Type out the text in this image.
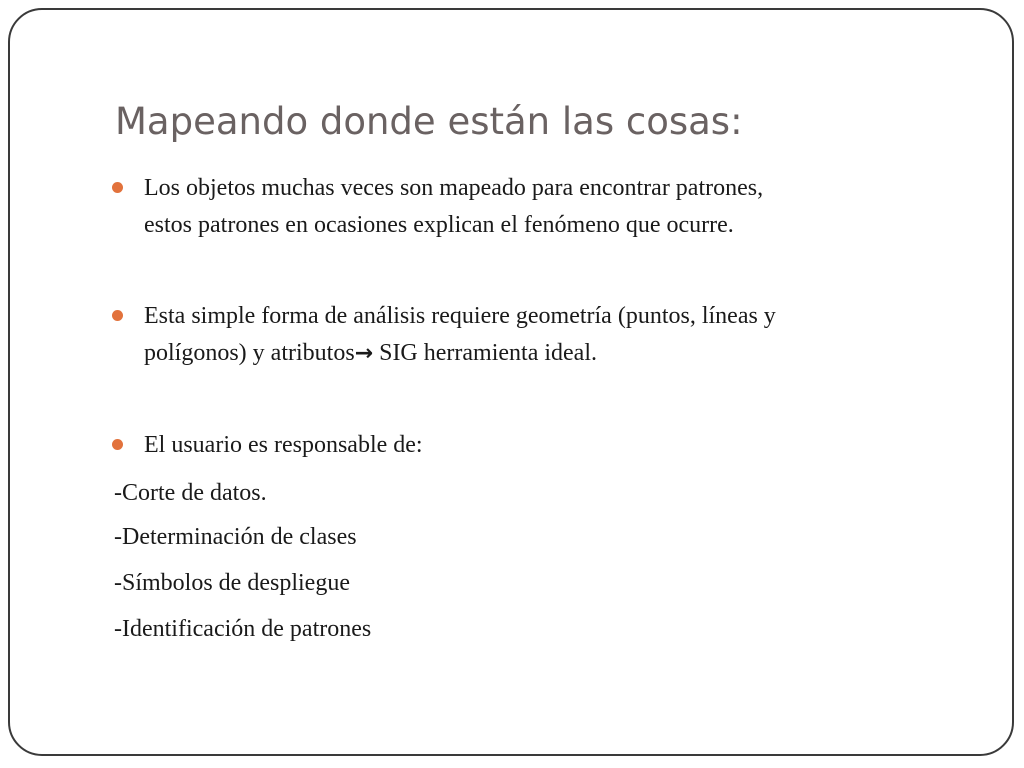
Mapeando donde están las cosas:
Los objetos muchas veces son mapeado para encontrar patrones,
estos patrones en ocasiones explican el fenómeno que ocurre.
Esta simple forma de análisis requiere geometría (puntos, líneas y
polígonos) y atributos→ SIG herramienta ideal.
El usuario es responsable de:
-Corte de datos.
-Determinación de clases
-Símbolos de despliegue
-Identificación de patrones
